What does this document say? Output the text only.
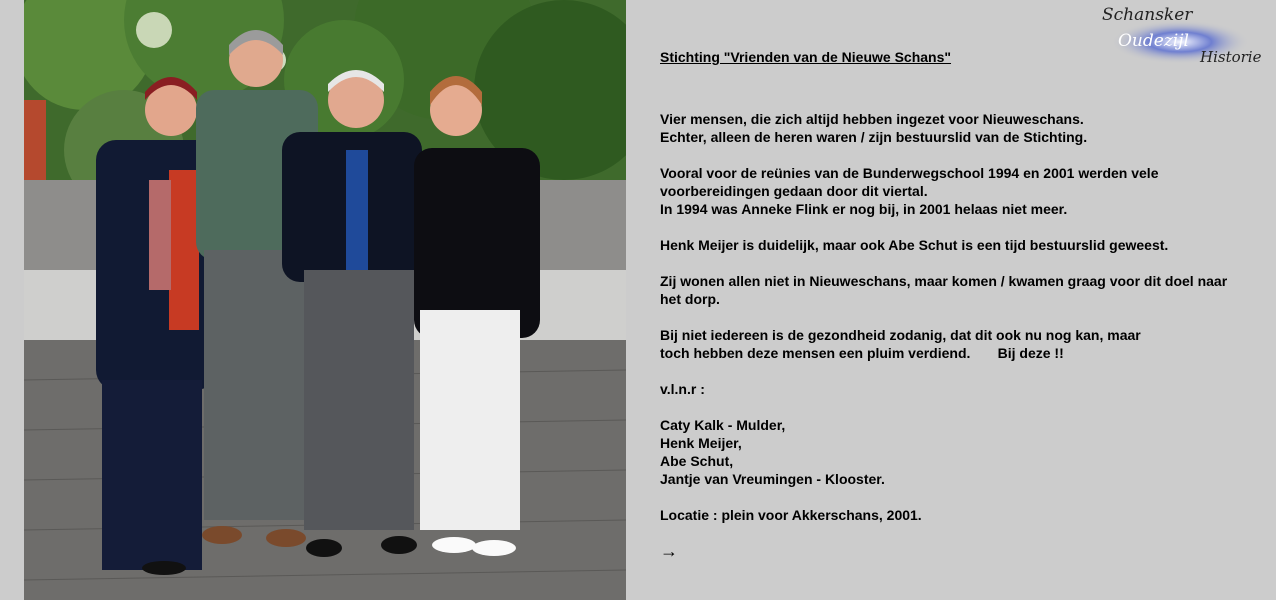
Schansker
Oudezijl
Historie
Stichting "Vrienden van de Nieuwe Schans"
Vier mensen, die zich altijd hebben ingezet voor Nieuweschans.
Echter, alleen de heren waren / zijn bestuurslid van de Stichting.
Vooral voor de reünies van de Bunderwegschool 1994 en 2001 werden vele
voorbereidingen gedaan door dit viertal.
In 1994 was Anneke Flink er nog bij, in 2001 helaas niet meer.
Henk Meijer is duidelijk, maar ook Abe Schut is een tijd bestuurslid geweest.
Zij wonen allen niet in Nieuweschans, maar komen / kwamen graag voor dit doel naar
het dorp.
Bij niet iedereen is de gezondheid zodanig, dat dit ook nu nog kan, maar
toch hebben deze mensen een pluim verdiend.       Bij deze !!
v.l.n.r :
Caty Kalk - Mulder,
Henk Meijer,
Abe Schut,
Jantje van Vreumingen - Klooster.
Locatie : plein voor Akkerschans, 2001.
→
